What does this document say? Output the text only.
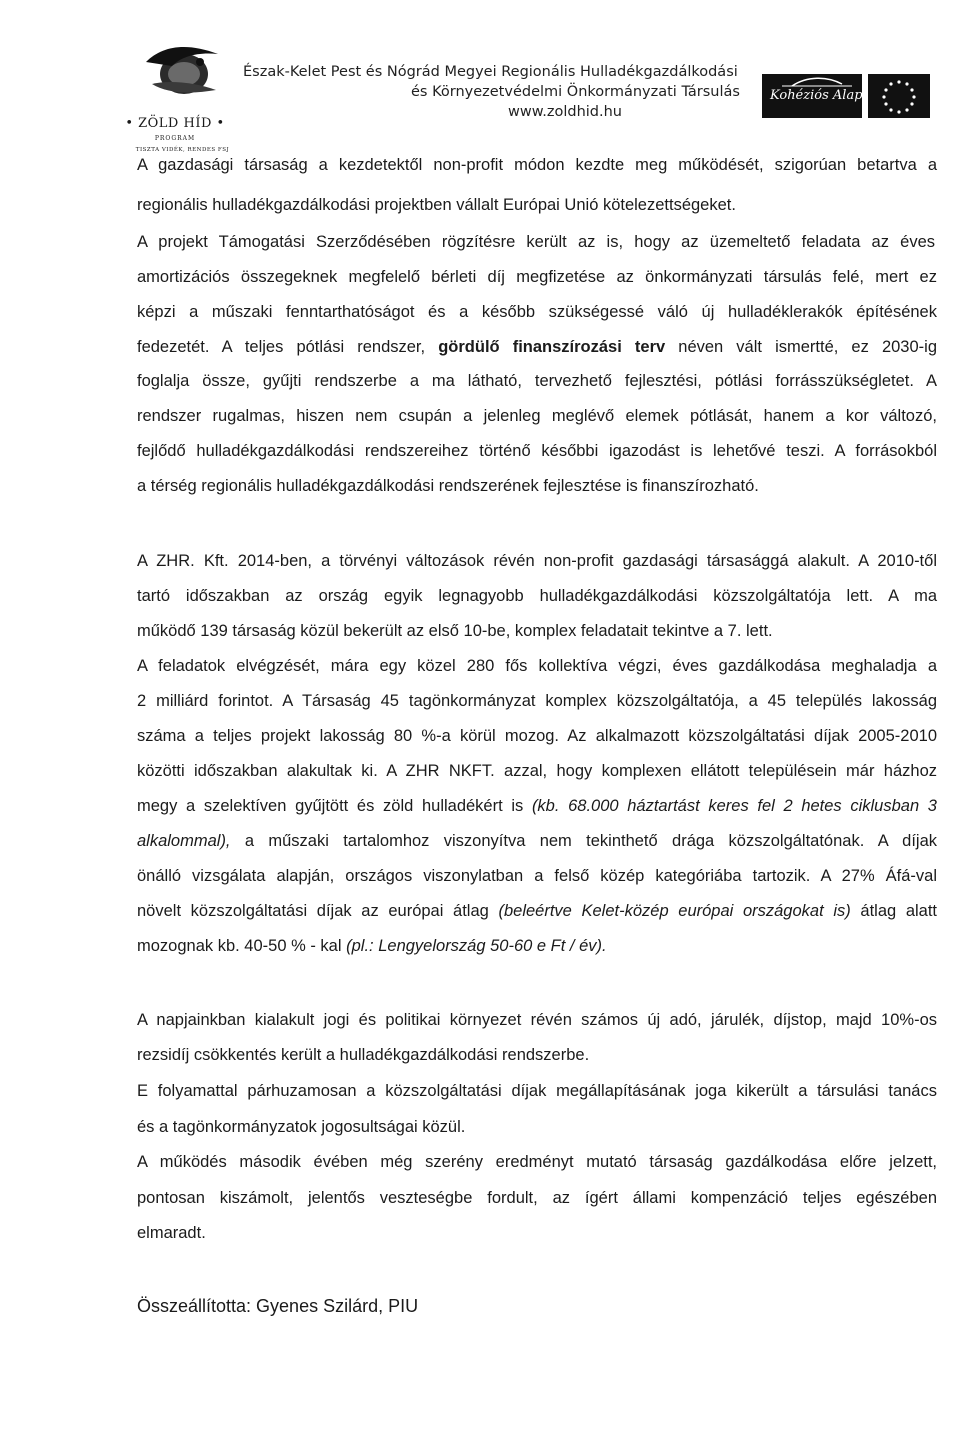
• ZÖLD HÍD •
PROGRAM
TISZTA VIDÉK, RENDES FSJ
Észak-Kelet Pest és Nógrád Megyei Regionális Hulladékgazdálkodási
és Környezetvédelmi Önkormányzati Társulás
www.zoldhid.hu
Kohéziós Alap
A gazdasági társaság a kezdetektől non-profit módon kezdte meg működését, szigorúan betartva a
regionális hulladékgazdálkodási projektben vállalt Európai Unió kötelezettségeket.
A projekt Támogatási Szerződésében rögzítésre került az is, hogy az üzemeltető feladata az éves
amortizációs összegeknek megfelelő bérleti díj megfizetése az önkormányzati társulás felé, mert ez
képzi a műszaki fenntarthatóságot és a később szükségessé váló új hulladéklerakók építésének
fedezetét. A teljes pótlási rendszer, gördülő finanszírozási terv néven vált ismertté, ez 2030-ig
foglalja össze, gyűjti rendszerbe a ma látható, tervezhető fejlesztési, pótlási forrásszükségletet. A
rendszer rugalmas, hiszen nem csupán a jelenleg meglévő elemek pótlását, hanem a kor változó,
fejlődő hulladékgazdálkodási rendszereihez történő későbbi igazodást is lehetővé teszi. A forrásokból
a térség regionális hulladékgazdálkodási rendszerének fejlesztése is finanszírozható.
A ZHR. Kft. 2014-ben, a törvényi változások révén non-profit gazdasági társasággá alakult. A 2010-től
tartó időszakban az ország egyik legnagyobb hulladékgazdálkodási közszolgáltatója lett. A ma
működő 139 társaság közül bekerült az első 10-be, komplex feladatait tekintve a 7. lett.
A feladatok elvégzését, mára egy közel 280 fős kollektíva végzi, éves gazdálkodása meghaladja a
2 milliárd forintot. A Társaság 45 tagönkormányzat komplex közszolgáltatója, a 45 település lakosság
száma a teljes projekt lakosság 80 %-a körül mozog. Az alkalmazott közszolgáltatási díjak 2005-2010
közötti időszakban alakultak ki. A ZHR NKFT. azzal, hogy komplexen ellátott településein már házhoz
megy a szelektíven gyűjtött és zöld hulladékért is (kb. 68.000 háztartást keres fel 2 hetes ciklusban 3
alkalommal), a műszaki tartalomhoz viszonyítva nem tekinthető drága közszolgáltatónak. A díjak
önálló vizsgálata alapján, országos viszonylatban a felső közép kategóriába tartozik. A 27% Áfá-val
növelt közszolgáltatási díjak az európai átlag (beleértve Kelet-közép európai országokat is) átlag alatt
mozognak kb. 40-50 % - kal (pl.: Lengyelország 50-60 e Ft / év).
A napjainkban kialakult jogi és politikai környezet révén számos új adó, járulék, díjstop, majd 10%-os
rezsidíj csökkentés került a hulladékgazdálkodási rendszerbe.
E folyamattal párhuzamosan a közszolgáltatási díjak megállapításának joga kikerült a társulási tanács
és a tagönkormányzatok jogosultságai közül.
A működés második évében még szerény eredményt mutató társaság gazdálkodása előre jelzett,
pontosan kiszámolt, jelentős veszteségbe fordult, az ígért állami kompenzáció teljes egészében
elmaradt.
Összeállította: Gyenes Szilárd, PIU
